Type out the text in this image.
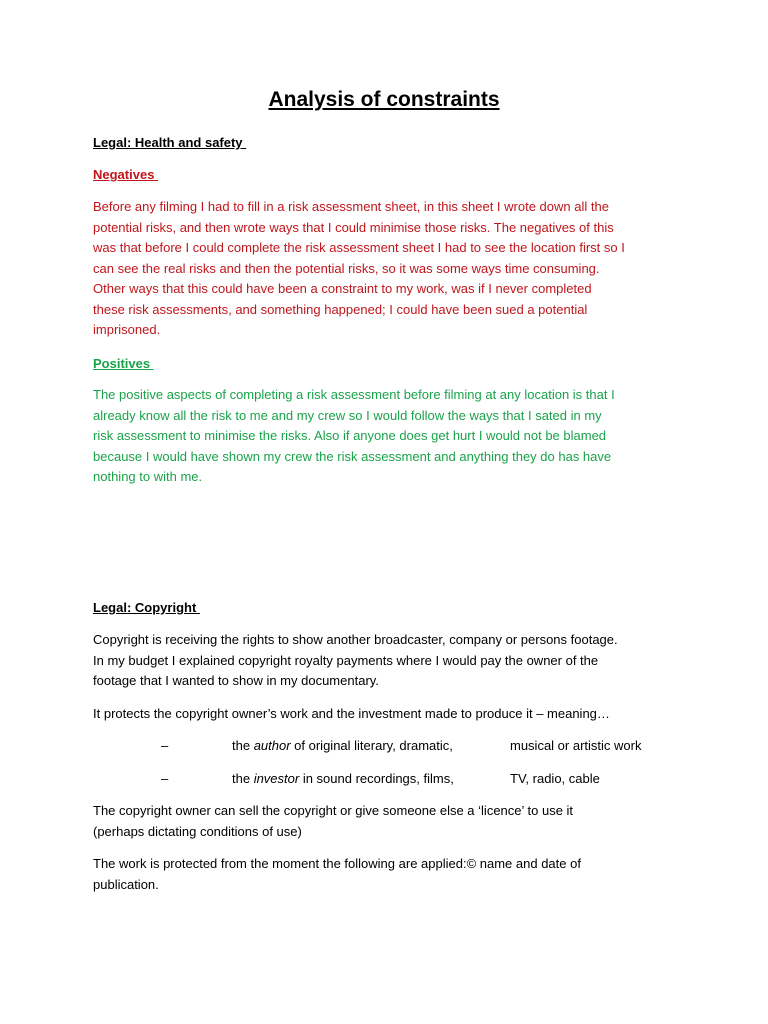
Analysis of constraints
Legal: Health and safety
Negatives
Before any filming I had to fill in a risk assessment sheet, in this sheet I wrote down all the
potential risks, and then wrote ways that I could minimise those risks. The negatives of this
was that before I could complete the risk assessment sheet I had to see the location first so I
can see the real risks and then the potential risks, so it was some ways time consuming.
Other ways that this could have been a constraint to my work, was if I never completed
these risk assessments, and something happened; I could have been sued a potential
imprisoned.
Positives
The positive aspects of completing a risk assessment before filming at any location is that I
already know all the risk to me and my crew so I would follow the ways that I sated in my
risk assessment to minimise the risks. Also if anyone does get hurt I would not be blamed
because I would have shown my crew the risk assessment and anything they do has have
nothing to with me.
Legal: Copyright
Copyright is receiving the rights to show another broadcaster, company or persons footage.
In my budget I explained copyright royalty payments where I would pay the owner of the
footage that I wanted to show in my documentary.
It protects the copyright owner’s work and the investment made to produce it – meaning…
–	the author of original literary, dramatic,	musical or artistic work
–	the investor in sound recordings, films,	TV, radio, cable
The copyright owner can sell the copyright or give someone else a ‘licence’ to use it
(perhaps dictating conditions of use)
The work is protected from the moment the following are applied:© name and date of
publication.
